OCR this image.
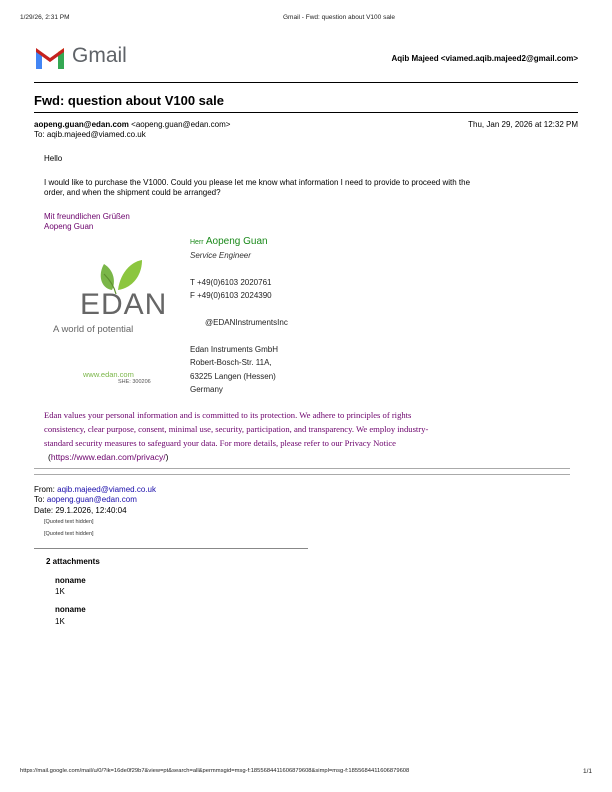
1/29/26, 2:31 PM	Gmail - Fwd: question about V100 sale
Gmail	Aqib Majeed <viamed.aqib.majeed2@gmail.com>
Fwd: question about V100 sale
aopeng.guan@edan.com <aopeng.guan@edan.com>	Thu, Jan 29, 2026 at 12:32 PM
To: aqib.majeed@viamed.co.uk
Hello
I would like to purchase the V1000. Could you please let me know what information I need to provide to proceed with the
order, and when the shipment could be arranged?
Mit freundlichen Grüßen
Aopeng Guan
EDAN
A world of potential
www.edan.com
SHE: 300206
Herr Aopeng Guan
Service Engineer
T +49(0)6103 2020761
F +49(0)6103 2024390
@EDANInstrumentsInc
Edan Instruments GmbH
Robert-Bosch-Str. 11A,
63225 Langen (Hessen)
Germany
Edan values your personal information and is committed to its protection. We adhere to principles of rights
consistency, clear purpose, consent, minimal use, security, participation, and transparency. We employ industry-
standard security measures to safeguard your data. For more details, please refer to our Privacy Notice
(https://www.edan.com/privacy/)
From: aqib.majeed@viamed.co.uk
To: aopeng.guan@edan.com
Date: 29.1.2026, 12:40:04
[Quoted text hidden]
[Quoted text hidden]
2 attachments
noname
1K
noname
1K
https://mail.google.com/mail/u/0/?ik=16de0f29b7&view=pt&search=all&permmsgid=msg-f:1855684411606879608&simpl=msg-f:1855684411606879608	1/1
